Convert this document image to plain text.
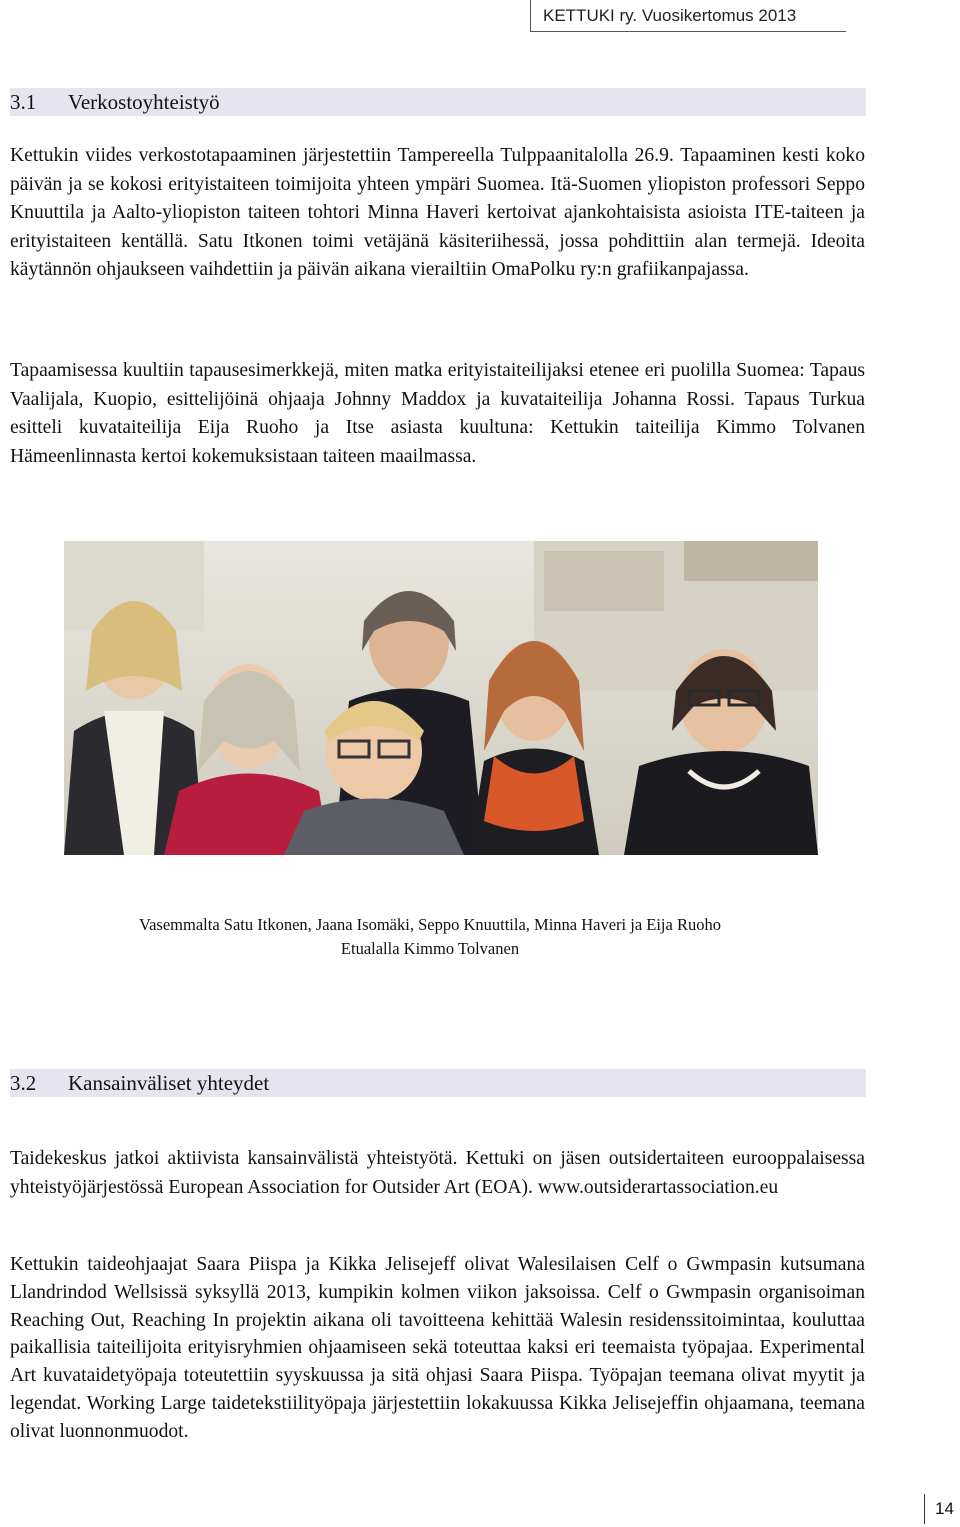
KETTUKI ry. Vuosikertomus 2013
3.1 Verkostoyhteistyö
Kettukin viides verkostotapaaminen järjestettiin Tampereella Tulppaanitalolla 26.9. Tapaaminen kesti koko päivän ja se kokosi erityistaiteen toimijoita yhteen ympäri Suomea. Itä-Suomen yliopiston professori Seppo Knuuttila ja Aalto-yliopiston taiteen tohtori Minna Haveri kertoivat ajankohtaisista asioista ITE-taiteen ja erityistaiteen kentällä. Satu Itkonen toimi vetäjänä käsiteriihessä, jossa pohdittiin alan termejä. Ideoita käytännön ohjaukseen vaihdettiin ja päivän aikana vierailtiin OmaPolku ry:n grafiikanpajassa.
Tapaamisessa kuultiin tapausesimerkkejä, miten matka erityistaiteilijaksi etenee eri puolilla Suomea: Tapaus Vaalijala, Kuopio, esittelijöinä ohjaaja Johnny Maddox ja kuvataiteilija Johanna Rossi. Tapaus Turkua esitteli kuvataiteilija Eija Ruoho ja Itse asiasta kuultuna: Kettukin taiteilija Kimmo Tolvanen Hämeenlinnasta kertoi kokemuksistaan taiteen maailmassa.
Vasemmalta Satu Itkonen, Jaana Isomäki, Seppo Knuuttila, Minna Haveri ja Eija Ruoho
Etualalla Kimmo Tolvanen
3.2 Kansainväliset yhteydet
Taidekeskus jatkoi aktiivista kansainvälistä yhteistyötä. Kettuki on jäsen outsidertaiteen eurooppalaisessa yhteistyöjärjestössä European Association for Outsider Art (EOA). www.outsiderartassociation.eu
Kettukin taideohjaajat Saara Piispa ja Kikka Jelisejeff olivat Walesilaisen Celf o Gwmpasin kutsumana Llandrindod Wellsissä syksyllä 2013, kumpikin kolmen viikon jaksoissa. Celf o Gwmpasin organisoiman Reaching Out, Reaching In projektin aikana oli tavoitteena kehittää Walesin residenssitoimintaa, kouluttaa paikallisia taiteilijoita erityisryhmien ohjaamiseen sekä toteuttaa kaksi eri teemaista työpajaa. Experimental Art kuvataidetyöpaja toteutettiin syyskuussa ja sitä ohjasi Saara Piispa. Työpajan teemana olivat myytit ja legendat. Working Large taidetekstiilityöpaja järjestettiin lokakuussa Kikka Jelisejeffin ohjaamana, teemana olivat luonnonmuodot.
14
